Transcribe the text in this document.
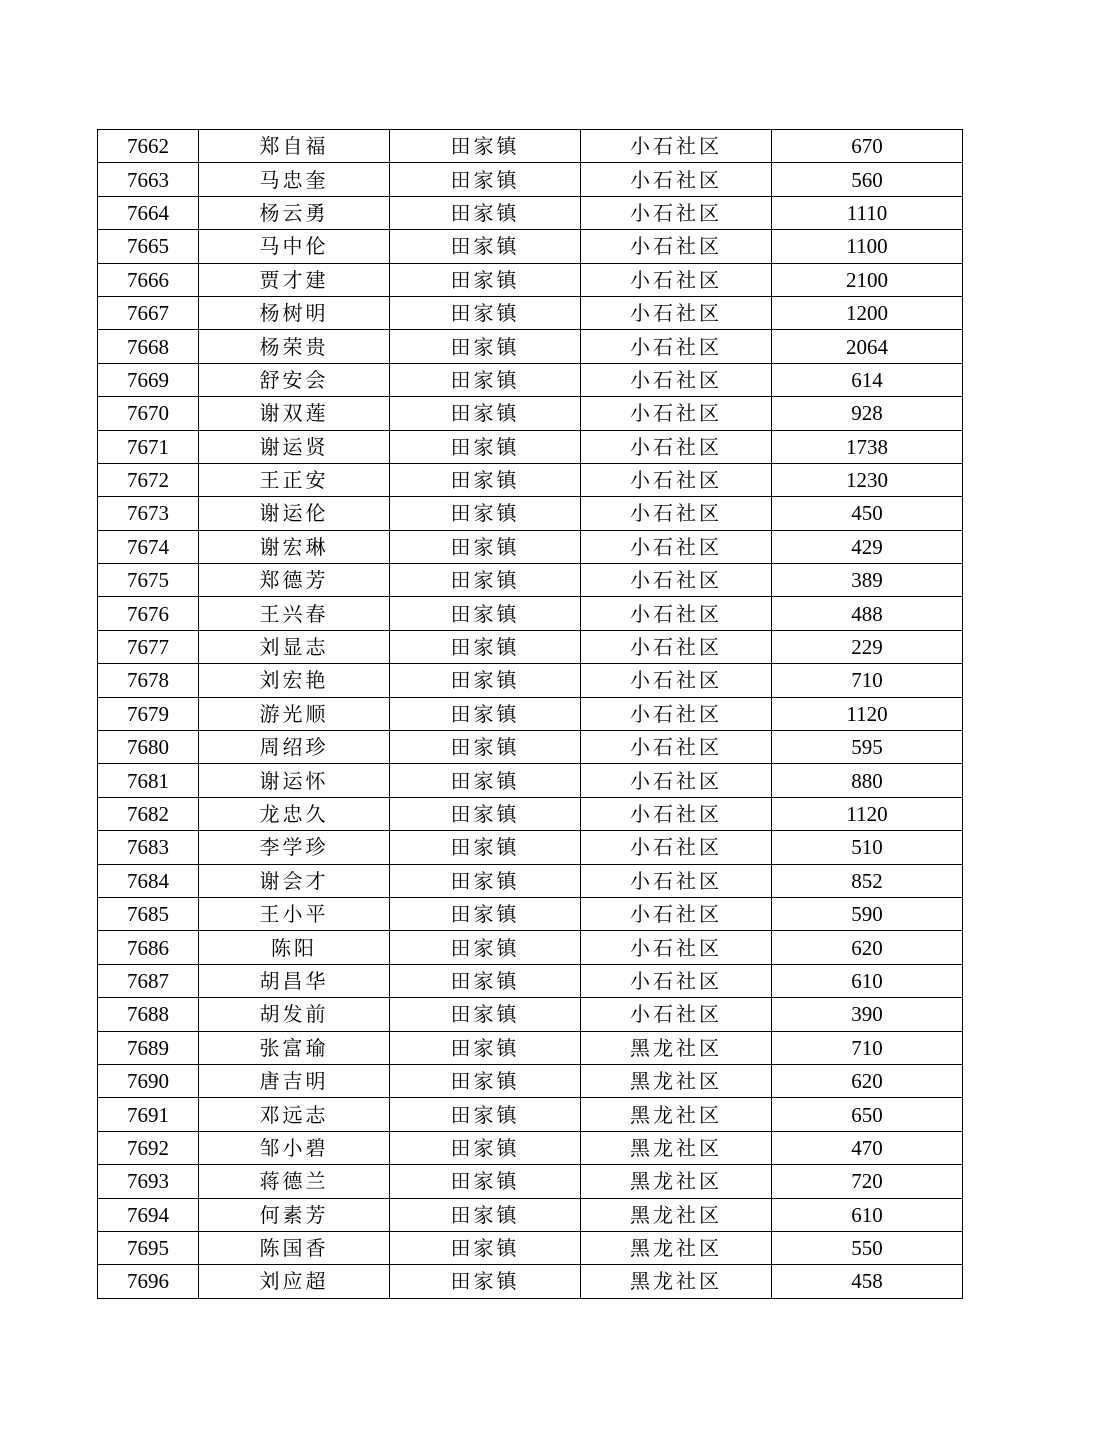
7662	郑自福	田家镇	小石社区	670
7663	马忠奎	田家镇	小石社区	560
7664	杨云勇	田家镇	小石社区	1110
7665	马中伦	田家镇	小石社区	1100
7666	贾才建	田家镇	小石社区	2100
7667	杨树明	田家镇	小石社区	1200
7668	杨荣贵	田家镇	小石社区	2064
7669	舒安会	田家镇	小石社区	614
7670	谢双莲	田家镇	小石社区	928
7671	谢运贤	田家镇	小石社区	1738
7672	王正安	田家镇	小石社区	1230
7673	谢运伦	田家镇	小石社区	450
7674	谢宏琳	田家镇	小石社区	429
7675	郑德芳	田家镇	小石社区	389
7676	王兴春	田家镇	小石社区	488
7677	刘显志	田家镇	小石社区	229
7678	刘宏艳	田家镇	小石社区	710
7679	游光顺	田家镇	小石社区	1120
7680	周绍珍	田家镇	小石社区	595
7681	谢运怀	田家镇	小石社区	880
7682	龙忠久	田家镇	小石社区	1120
7683	李学珍	田家镇	小石社区	510
7684	谢会才	田家镇	小石社区	852
7685	王小平	田家镇	小石社区	590
7686	陈阳	田家镇	小石社区	620
7687	胡昌华	田家镇	小石社区	610
7688	胡发前	田家镇	小石社区	390
7689	张富瑜	田家镇	黑龙社区	710
7690	唐吉明	田家镇	黑龙社区	620
7691	邓远志	田家镇	黑龙社区	650
7692	邹小碧	田家镇	黑龙社区	470
7693	蒋德兰	田家镇	黑龙社区	720
7694	何素芳	田家镇	黑龙社区	610
7695	陈国香	田家镇	黑龙社区	550
7696	刘应超	田家镇	黑龙社区	458
